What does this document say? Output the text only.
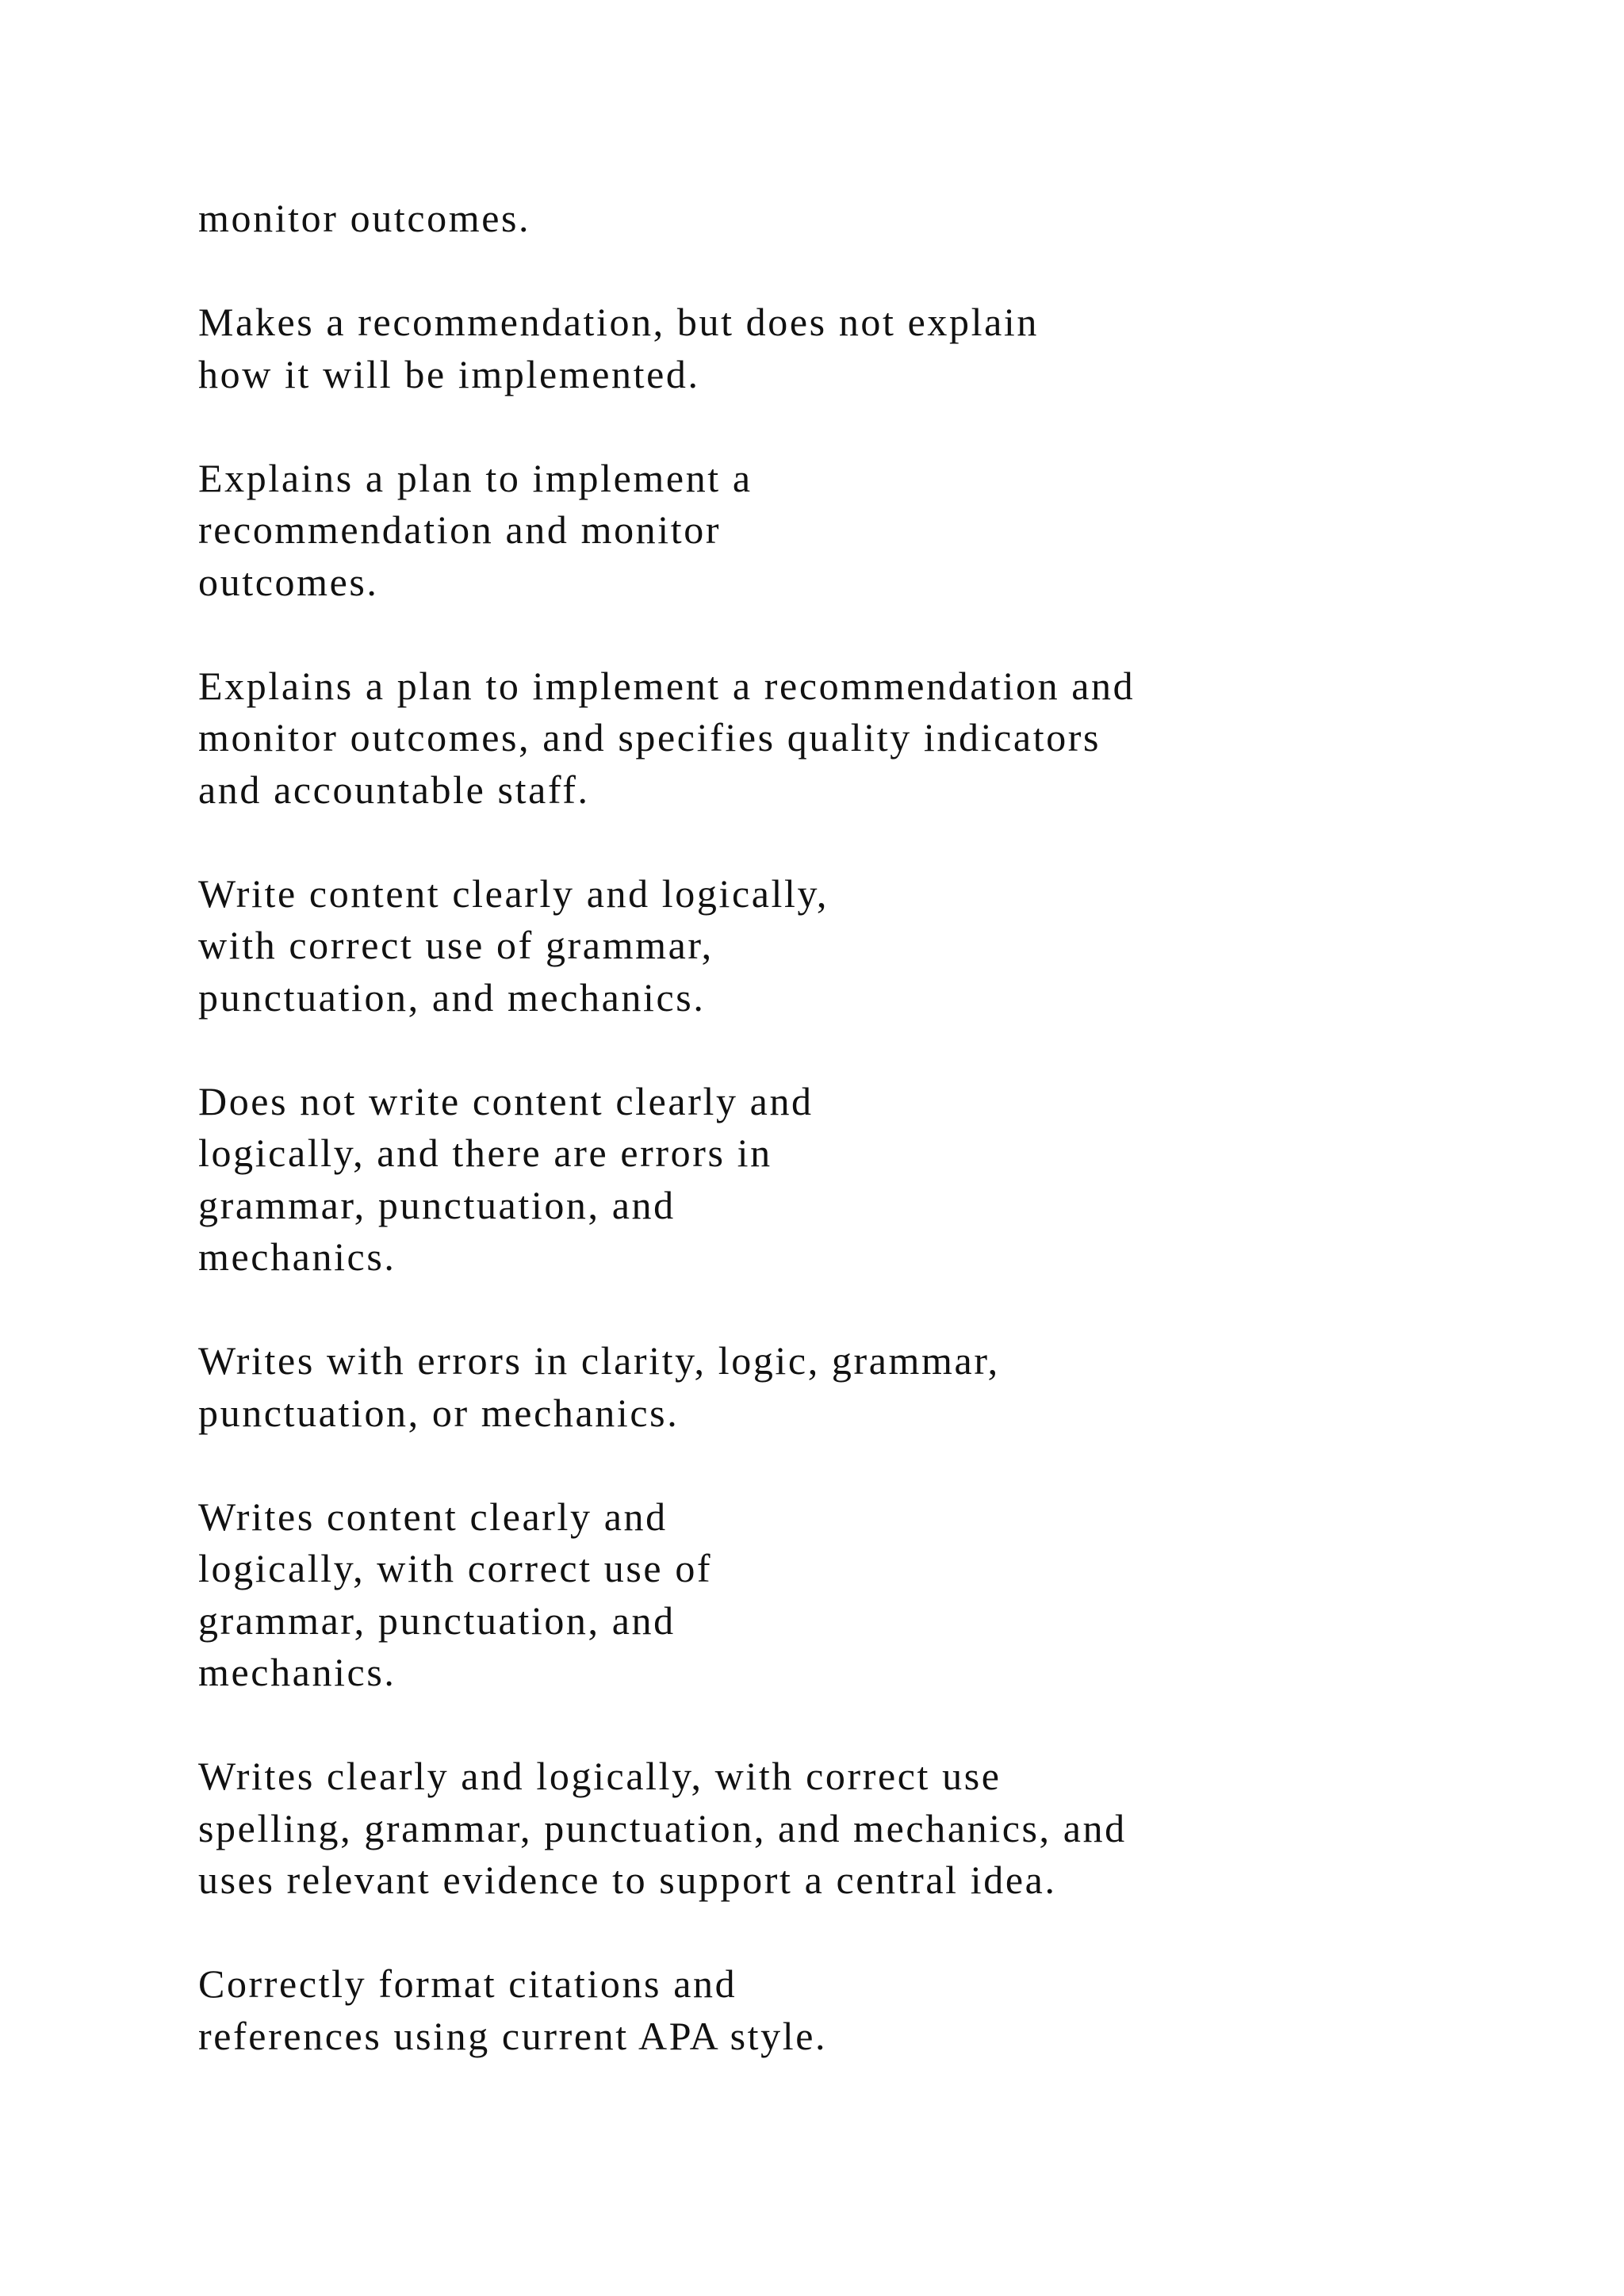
monitor outcomes.

Makes a recommendation, but does not explain
how it will be implemented.

Explains a plan to implement a
recommendation and monitor
outcomes.

Explains a plan to implement a recommendation and
monitor outcomes, and specifies quality indicators
and accountable staff.

Write content clearly and logically,
with correct use of grammar,
punctuation, and mechanics.

Does not write content clearly and
logically, and there are errors in
grammar, punctuation, and
mechanics.

Writes with errors in clarity, logic, grammar,
punctuation, or mechanics.

Writes content clearly and
logically, with correct use of
grammar, punctuation, and
mechanics.

Writes clearly and logically, with correct use
spelling, grammar, punctuation, and mechanics, and
uses relevant evidence to support a central idea.

Correctly format citations and
references using current APA style.
